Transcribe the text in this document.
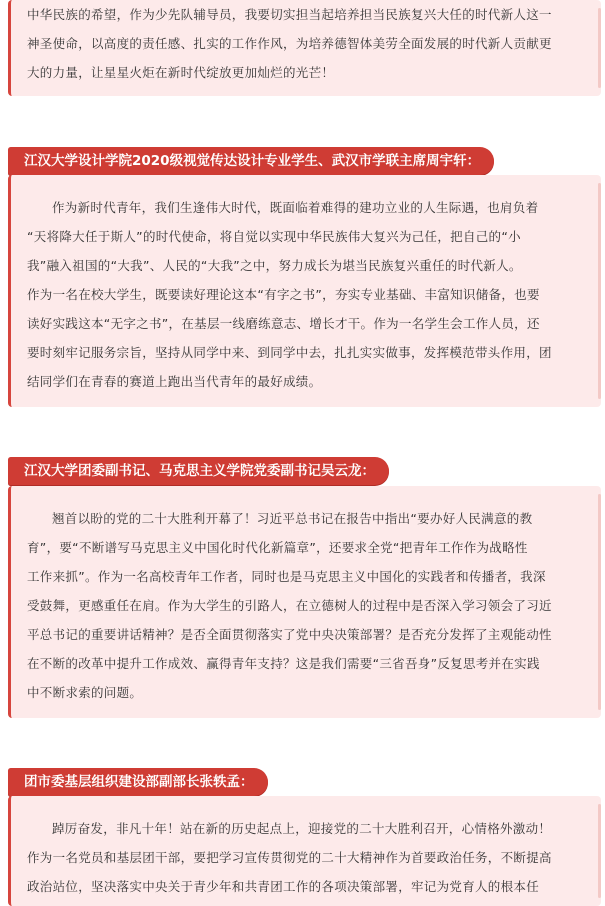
中华民族的希望，作为少先队辅导员，我要切实担当起培养担当民族复兴大任的时代新人这一

神圣使命，以高度的责任感、扎实的工作作风，为培养德智体美劳全面发展的时代新人贡献更

大的力量，让星星火炬在新时代绽放更加灿烂的光芒！

江汉大学设计学院2020级视觉传达设计专业学生、武汉市学联主席周宇轩：

作为新时代青年，我们生逢伟大时代，既面临着难得的建功立业的人生际遇，也肩负着

“天将降大任于斯人”的时代使命，将自觉以实现中华民族伟大复兴为己任，把自己的“小

我”融入祖国的“大我”、人民的“大我”之中，努力成长为堪当民族复兴重任的时代新人。

作为一名在校大学生，既要读好理论这本“有字之书”，夯实专业基础、丰富知识储备，也要

读好实践这本“无字之书”，在基层一线磨练意志、增长才干。作为一名学生会工作人员，还

要时刻牢记服务宗旨，坚持从同学中来、到同学中去，扎扎实实做事，发挥模范带头作用，团

结同学们在青春的赛道上跑出当代青年的最好成绩。

江汉大学团委副书记、马克思主义学院党委副书记吴云龙：

翘首以盼的党的二十大胜利开幕了！习近平总书记在报告中指出“要办好人民满意的教

育”，要“不断谱写马克思主义中国化时代化新篇章”，还要求全党“把青年工作作为战略性

工作来抓”。作为一名高校青年工作者，同时也是马克思主义中国化的实践者和传播者，我深

受鼓舞，更感重任在肩。作为大学生的引路人，在立德树人的过程中是否深入学习领会了习近

平总书记的重要讲话精神？是否全面贯彻落实了党中央决策部署？是否充分发挥了主观能动性

在不断的改革中提升工作成效、赢得青年支持？这是我们需要“三省吾身”反复思考并在实践

中不断求索的问题。

团市委基层组织建设部副部长张轶孟：

踔厉奋发，非凡十年！站在新的历史起点上，迎接党的二十大胜利召开，心情格外激动！

作为一名党员和基层团干部，要把学习宣传贯彻党的二十大精神作为首要政治任务，不断提高

政治站位，坚决落实中央关于青少年和共青团工作的各项决策部署，牢记为党育人的根本任
